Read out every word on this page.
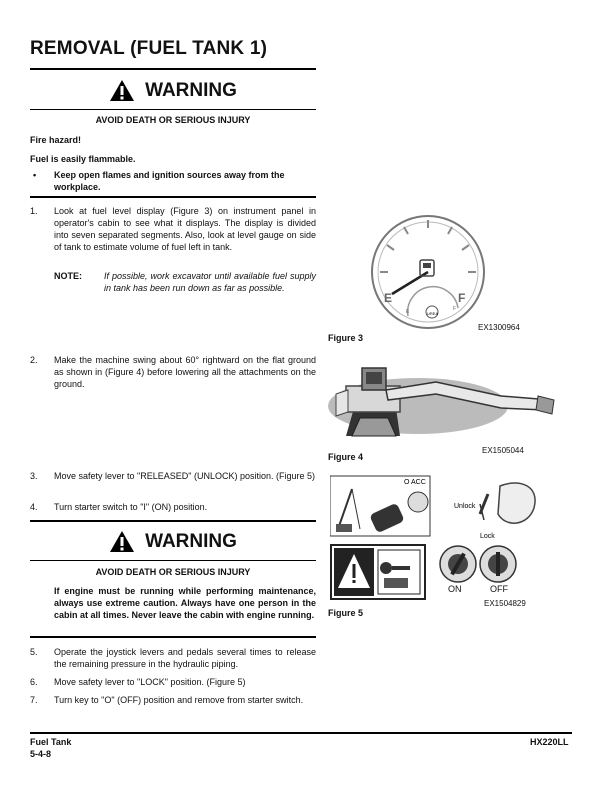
REMOVAL (FUEL TANK 1)
WARNING
AVOID DEATH OR SERIOUS INJURY
Fire hazard!
Fuel is easily flammable.
• Keep open flames and ignition sources away from the workplace.
1. Look at fuel level display (Figure 3) on instrument panel in operator's cabin to see what it displays. The display is divided into seven separated segments. Also, look at level gauge on side of tank to estimate volume of fuel left in tank.
NOTE: If possible, work excavator until available fuel supply in tank has been run down as far as possible.
2. Make the machine swing about 60° rightward on the flat ground as shown in (Figure 4) before lowering all the attachments on the ground.
3. Move safety lever to "RELEASED" (UNLOCK) position. (Figure 5)
4. Turn starter switch to "I" (ON) position.
WARNING
AVOID DEATH OR SERIOUS INJURY
If engine must be running while performing maintenance, always use extreme caution. Always have one person in the cabin at all times. Never leave the cabin with engine running.
5. Operate the joystick levers and pedals several times to release the remaining pressure in the hydraulic piping.
6. Move safety lever to "LOCK" position. (Figure 5)
7. Turn key to "O" (OFF) position and remove from starter switch.
UREA
E	F
E	F
EX1300964
Figure 3
EX1505044
Figure 4
O ACC
Unlock
Lock
ON	OFF
EX1504829
Figure 5
Fuel Tank
5-4-8
HX220LL
